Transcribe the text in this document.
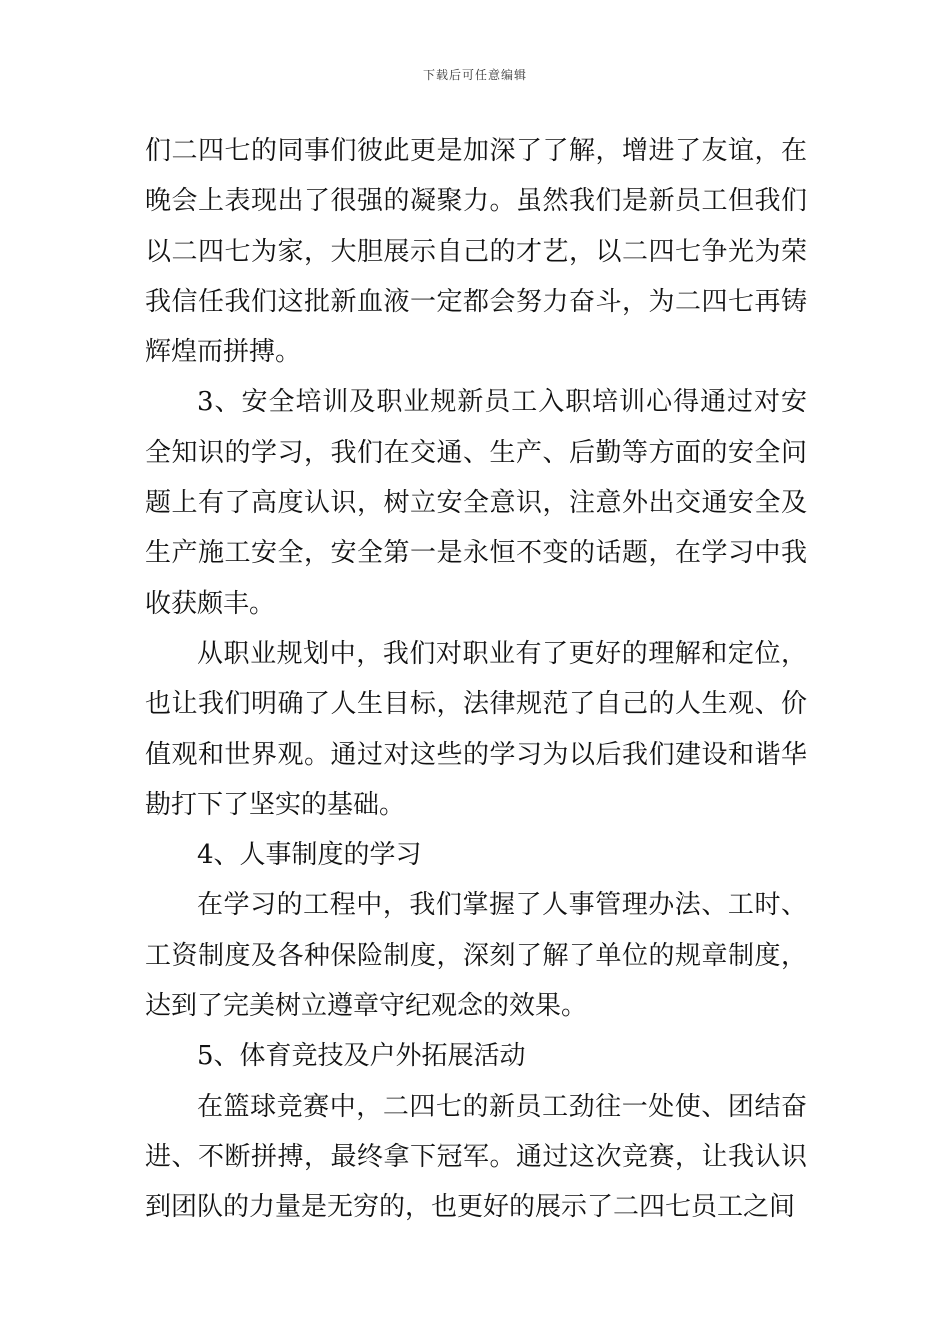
下载后可任意编辑

们二四七的同事们彼此更是加深了了解，增进了友谊，在晚会上表现出了很强的凝聚力。虽然我们是新员工但我们以二四七为家，大胆展示自己的才艺，以二四七争光为荣我信任我们这批新血液一定都会努力奋斗，为二四七再铸辉煌而拼搏。

3、安全培训及职业规新员工入职培训心得通过对安全知识的学习，我们在交通、生产、后勤等方面的安全问题上有了高度认识，树立安全意识，注意外出交通安全及生产施工安全，安全第一是永恒不变的话题，在学习中我收获颇丰。

从职业规划中，我们对职业有了更好的理解和定位，也让我们明确了人生目标，法律规范了自己的人生观、价值观和世界观。通过对这些的学习为以后我们建设和谐华勘打下了坚实的基础。

4、人事制度的学习

在学习的工程中，我们掌握了人事管理办法、工时、工资制度及各种保险制度，深刻了解了单位的规章制度，达到了完美树立遵章守纪观念的效果。

5、体育竞技及户外拓展活动

在篮球竞赛中，二四七的新员工劲往一处使、团结奋进、不断拼搏，最终拿下冠军。通过这次竞赛，让我认识到团队的力量是无穷的，也更好的展示了二四七员工之间
